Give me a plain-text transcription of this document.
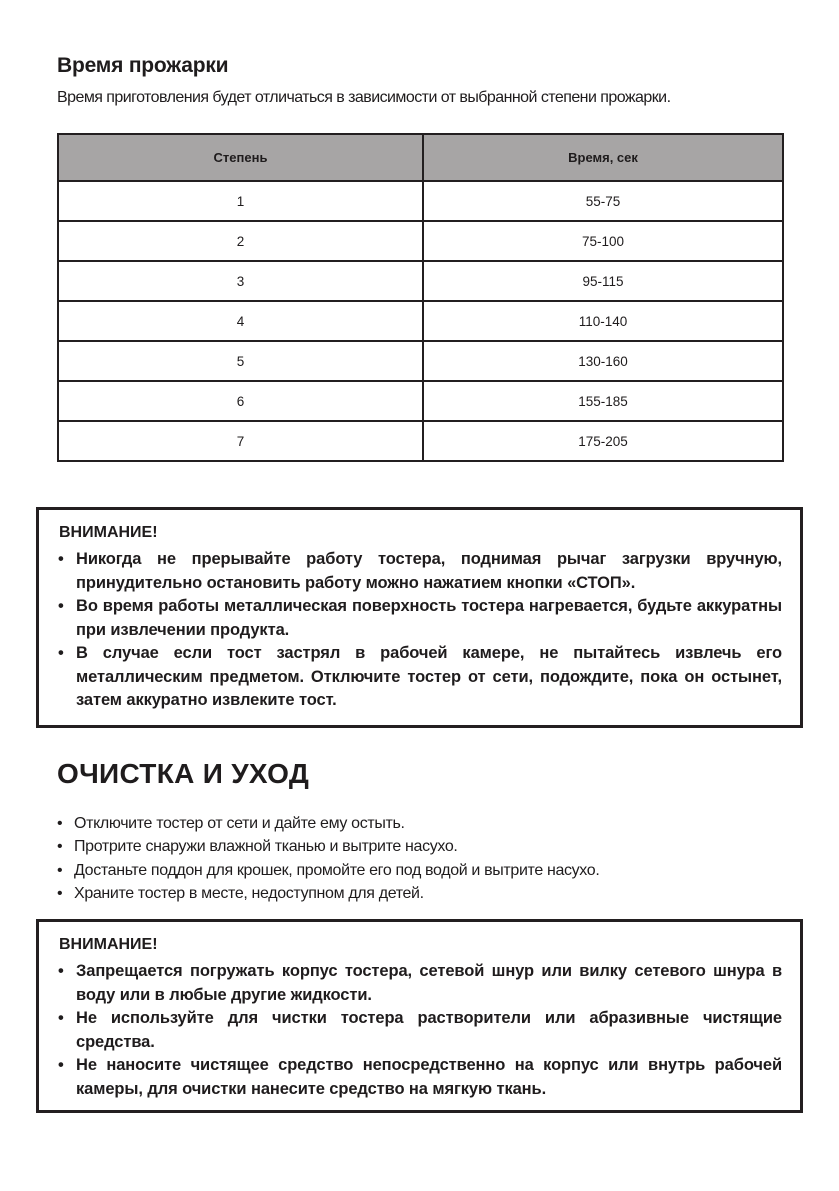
Время прожарки

Время приготовления будет отличаться в зависимости от выбранной степени прожарки.

Степень	Время, сек
1	55-75
2	75-100
3	95-115
4	110-140
5	130-160
6	155-185
7	175-205

ВНИМАНИЕ!

• Никогда не прерывайте работу тостера, поднимая рычаг загрузки вручную, принудительно остановить работу можно нажатием кнопки «СТОП».
• Во время работы металлическая поверхность тостера нагревается, будьте аккуратны при извлечении продукта.
• В случае если тост застрял в рабочей камере, не пытайтесь извлечь его металлическим предметом. Отключите тостер от сети, подождите, пока он остынет, затем аккуратно извлеките тост.
ОЧИСТКА И УХОД
• Отключите тостер от сети и дайте ему остыть.
• Протрите снаружи влажной тканью и вытрите насухо.
• Достаньте поддон для крошек, промойте его под водой и вытрите насухо.
• Храните тостер в месте, недоступном для детей.

ВНИМАНИЕ!

• Запрещается погружать корпус тостера, сетевой шнур или вилку сетевого шнура в воду или в любые другие жидкости.
• Не используйте для чистки тостера растворители или абразивные чистящие средства.
• Не наносите чистящее средство непосредственно на корпус или внутрь рабочей камеры, для очистки нанесите средство на мягкую ткань.
